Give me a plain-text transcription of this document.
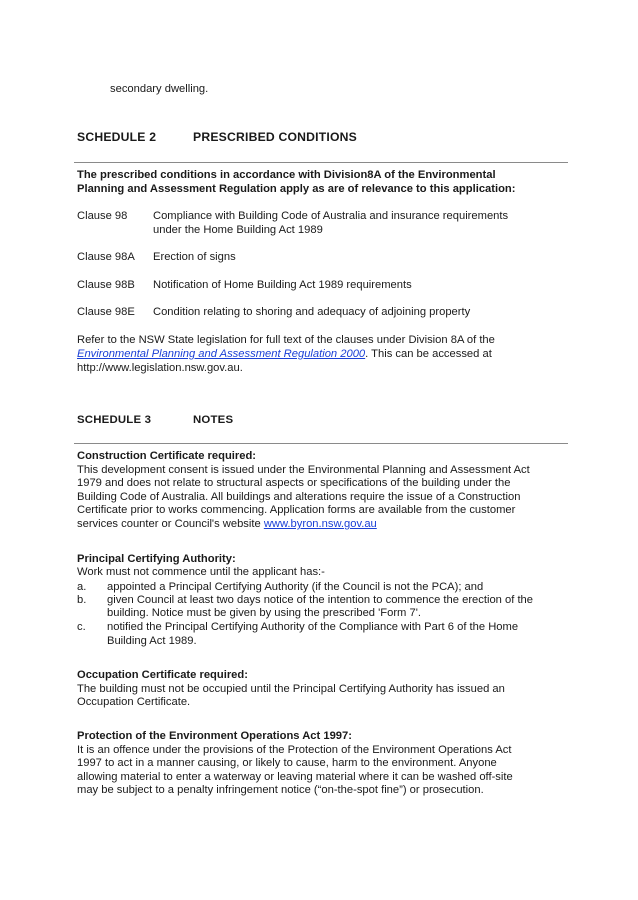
secondary dwelling.
SCHEDULE 2	PRESCRIBED CONDITIONS
The prescribed conditions in accordance with Division8A of the Environmental
Planning and Assessment Regulation apply as are of relevance to this application:
Clause 98 Compliance with Building Code of Australia and insurance requirements
under the Home Building Act 1989
Clause 98A Erection of signs
Clause 98B Notification of Home Building Act 1989 requirements
Clause 98E Condition relating to shoring and adequacy of adjoining property
Refer to the NSW State legislation for full text of the clauses under Division 8A of the
Environmental Planning and Assessment Regulation 2000. This can be accessed at
http://www.legislation.nsw.gov.au.
SCHEDULE 3	NOTES
Construction Certificate required:
This development consent is issued under the Environmental Planning and Assessment Act
1979 and does not relate to structural aspects or specifications of the building under the
Building Code of Australia. All buildings and alterations require the issue of a Construction
Certificate prior to works commencing. Application forms are available from the customer
services counter or Council's website www.byron.nsw.gov.au
Principal Certifying Authority:
Work must not commence until the applicant has:-
a. appointed a Principal Certifying Authority (if the Council is not the PCA); and
b. given Council at least two days notice of the intention to commence the erection of the
building. Notice must be given by using the prescribed 'Form 7'.
c. notified the Principal Certifying Authority of the Compliance with Part 6 of the Home
Building Act 1989.
Occupation Certificate required:
The building must not be occupied until the Principal Certifying Authority has issued an
Occupation Certificate.
Protection of the Environment Operations Act 1997:
It is an offence under the provisions of the Protection of the Environment Operations Act
1997 to act in a manner causing, or likely to cause, harm to the environment. Anyone
allowing material to enter a waterway or leaving material where it can be washed off-site
may be subject to a penalty infringement notice (“on-the-spot fine”) or prosecution.
